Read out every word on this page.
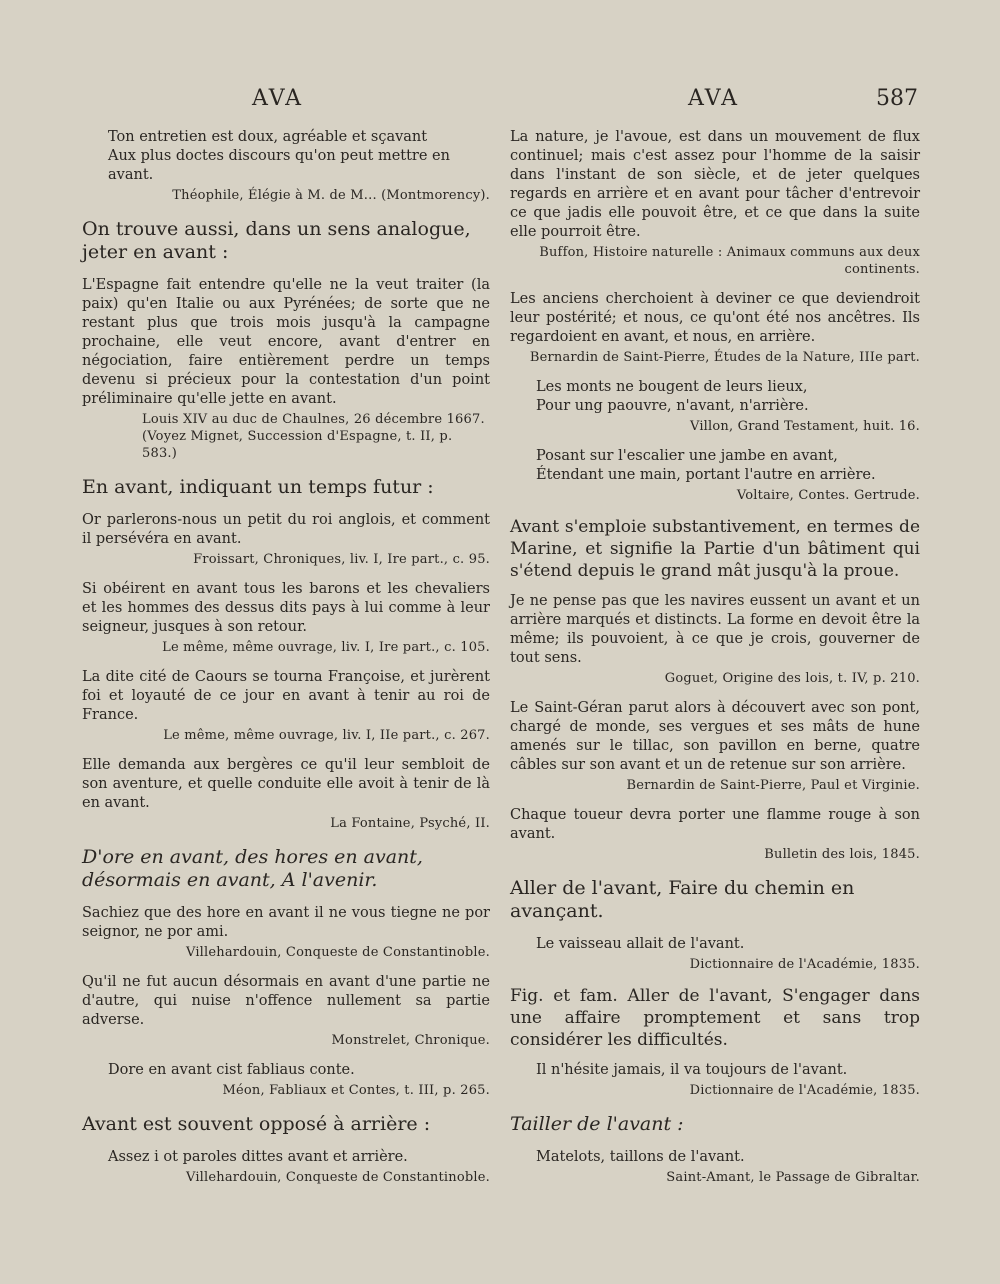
AVA	AVA	587

Ton entretien est doux, agréable et sçavant

Aux plus doctes discours qu'on peut mettre en avant.

Théophile, Élégie à M. de M... (Montmorency).

On trouve aussi, dans un sens analogue, jeter en avant :

L'Espagne fait entendre qu'elle ne la veut traiter (la paix) qu'en Italie ou aux Pyrénées; de sorte que ne restant plus que trois mois jusqu'à la campagne prochaine, elle veut encore, avant d'entrer en négociation, faire entièrement perdre un temps devenu si précieux pour la contestation d'un point préliminaire qu'elle jette en avant.

Louis XIV au duc de Chaulnes, 26 décembre 1667. (Voyez Mignet, Succession d'Espagne, t. II, p. 583.)

En avant, indiquant un temps futur :

Or parlerons-nous un petit du roi anglois, et comment il persévéra en avant.

Froissart, Chroniques, liv. I, Ire part., c. 95.

Si obéirent en avant tous les barons et les chevaliers et les hommes des dessus dits pays à lui comme à leur seigneur, jusques à son retour.

Le même, même ouvrage, liv. I, Ire part., c. 105.

La dite cité de Caours se tourna Françoise, et jurèrent foi et loyauté de ce jour en avant à tenir au roi de France.

Le même, même ouvrage, liv. I, IIe part., c. 267.

Elle demanda aux bergères ce qu'il leur sembloit de son aventure, et quelle conduite elle avoit à tenir de là en avant.

La Fontaine, Psyché, II.

D'ore en avant, des hores en avant, désormais en avant, A l'avenir.

Sachiez que des hore en avant il ne vous tiegne ne por seignor, ne por ami.

Villehardouin, Conqueste de Constantinoble.

Qu'il ne fut aucun désormais en avant d'une partie ne d'autre, qui nuise n'offence nullement sa partie adverse.

Monstrelet, Chronique.

Dore en avant cist fabliaus conte.

Méon, Fabliaux et Contes, t. III, p. 265.

Avant est souvent opposé à arrière :

Assez i ot paroles dittes avant et arrière.

Villehardouin, Conqueste de Constantinoble.

La nature, je l'avoue, est dans un mouvement de flux continuel; mais c'est assez pour l'homme de la saisir dans l'instant de son siècle, et de jeter quelques regards en arrière et en avant pour tâcher d'entrevoir ce que jadis elle pouvoit être, et ce que dans la suite elle pourroit être.

Buffon, Histoire naturelle : Animaux communs aux deux continents.

Les anciens cherchoient à deviner ce que deviendroit leur postérité; et nous, ce qu'ont été nos ancêtres. Ils regardoient en avant, et nous, en arrière.

Bernardin de Saint-Pierre, Études de la Nature, IIIe part.

Les monts ne bougent de leurs lieux,

Pour ung paouvre, n'avant, n'arrière.

Villon, Grand Testament, huit. 16.

Posant sur l'escalier une jambe en avant,

Étendant une main, portant l'autre en arrière.

Voltaire, Contes. Gertrude.

Avant s'emploie substantivement, en termes de Marine, et signifie la Partie d'un bâtiment qui s'étend depuis le grand mât jusqu'à la proue.

Je ne pense pas que les navires eussent un avant et un arrière marqués et distincts. La forme en devoit être la même; ils pouvoient, à ce que je crois, gouverner de tout sens.

Goguet, Origine des lois, t. IV, p. 210.

Le Saint-Géran parut alors à découvert avec son pont, chargé de monde, ses vergues et ses mâts de hune amenés sur le tillac, son pavillon en berne, quatre câbles sur son avant et un de retenue sur son arrière.

Bernardin de Saint-Pierre, Paul et Virginie.

Chaque toueur devra porter une flamme rouge à son avant.

Bulletin des lois, 1845.

Aller de l'avant, Faire du chemin en avançant.

Le vaisseau allait de l'avant.

Dictionnaire de l'Académie, 1835.

Fig. et fam. Aller de l'avant, S'engager dans une affaire promptement et sans trop considérer les difficultés.

Il n'hésite jamais, il va toujours de l'avant.

Dictionnaire de l'Académie, 1835.

Tailler de l'avant :

Matelots, taillons de l'avant.

Saint-Amant, le Passage de Gibraltar.
